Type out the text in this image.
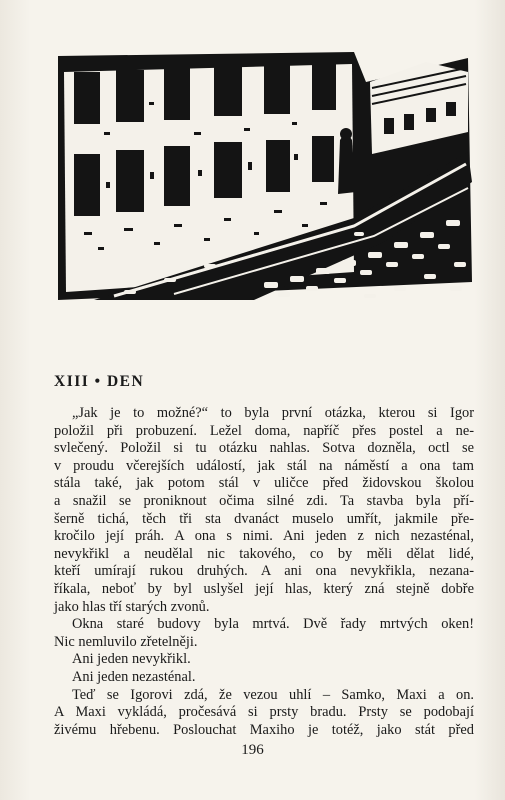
XIII • DEN
„Jak je to možné?“ to byla první otázka, kterou si Igor
položil při probuzení. Ležel doma, napříč přes postel a ne-
svlečený. Položil si tu otázku nahlas. Sotva dozněla, octl se
v proudu včerejších událostí, jak stál na náměstí a ona tam
stála také, jak potom stál v uličce před židovskou školou
a snažil se proniknout očima silné zdi. Ta stavba byla pří-
šerně tichá, těch tři sta dvanáct muselo umřít, jakmile pře-
kročilo její práh. A ona s nimi. Ani jeden z nich nezasténal,
nevykřikl a neudělal nic takového, co by měli dělat lidé,
kteří umírají rukou druhých. A ani ona nevykřikla, nezana-
říkala, neboť by byl uslyšel její hlas, který zná stejně dobře
jako hlas tří starých zvonů.
Okna staré budovy byla mrtvá. Dvě řady mrtvých oken!
Nic nemluvilo zřetelněji.
Ani jeden nevykřikl.
Ani jeden nezasténal.
Teď se Igorovi zdá, že vezou uhlí – Samko, Maxi a on.
A Maxi vykládá, pročesává si prsty bradu. Prsty se podobají
živému hřebenu. Poslouchat Maxiho je totéž, jako stát před
196
